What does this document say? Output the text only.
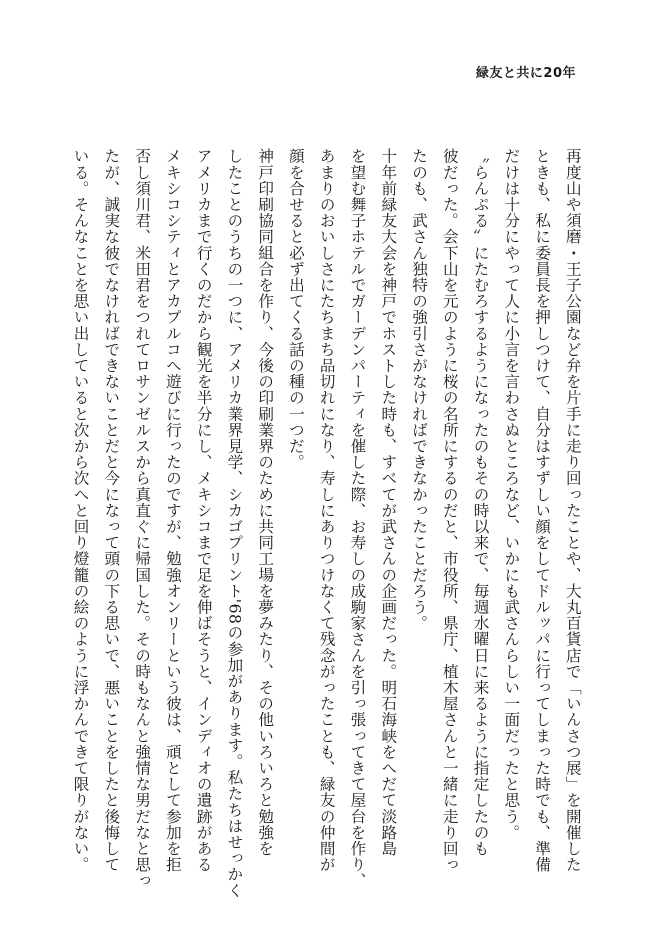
緑友と共に20年
再度山や須磨・王子公園など弁を片手に走り回ったことや、大丸百貨店で「いんさつ展」を開催した
ときも、私に委員長を押しつけて、自分はすずしい顔をしてドルッパに行ってしまった時でも、準備
だけは十分にやって人に小言を言わさぬところなど、いかにも武さんらしい一面だったと思う。
〝らんぷる〟にたむろするようになったのもその時以来で、毎週水曜日に来るように指定したのも
彼だった。会下山を元のように桜の名所にするのだと、市役所、県庁、植木屋さんと一緒に走り回っ
たのも、武さん独特の強引さがなければできなかったことだろう。
十年前緑友大会を神戸でホストした時も、すべてが武さんの企画だった。明石海峡をへだて淡路島
を望む舞子ホテルでガーデンパーティを催した際、お寿しの成駒家さんを引っ張ってきて屋台を作り、
あまりのおいしさにたちまち品切れになり、寿しにありつけなくて残念がったことも、緑友の仲間が
顔を合せると必ず出てくる話の種の一つだ。
神戸印刷協同組合を作り、今後の印刷業界のために共同工場を夢みたり、その他いろいろと勉強を
したことのうちの一つに、アメリカ業界見学、シカゴプリント'68の参加があります。私たちはせっかく
アメリカまで行くのだから観光を半分にし、メキシコまで足を伸ばそうと、インディオの遺跡がある
メキシコシティとアカプルコへ遊びに行ったのですが、勉強オンリーという彼は、頑として参加を拒
否し須川君、米田君をつれてロサンゼルスから真直ぐに帰国した。その時もなんと強情な男だなと思っ
たが、誠実な彼でなければできないことだと今になって頭の下る思いで、悪いことをしたと後悔して
いる。そんなことを思い出していると次から次へと回り燈籠の絵のように浮かんできて限りがない。
